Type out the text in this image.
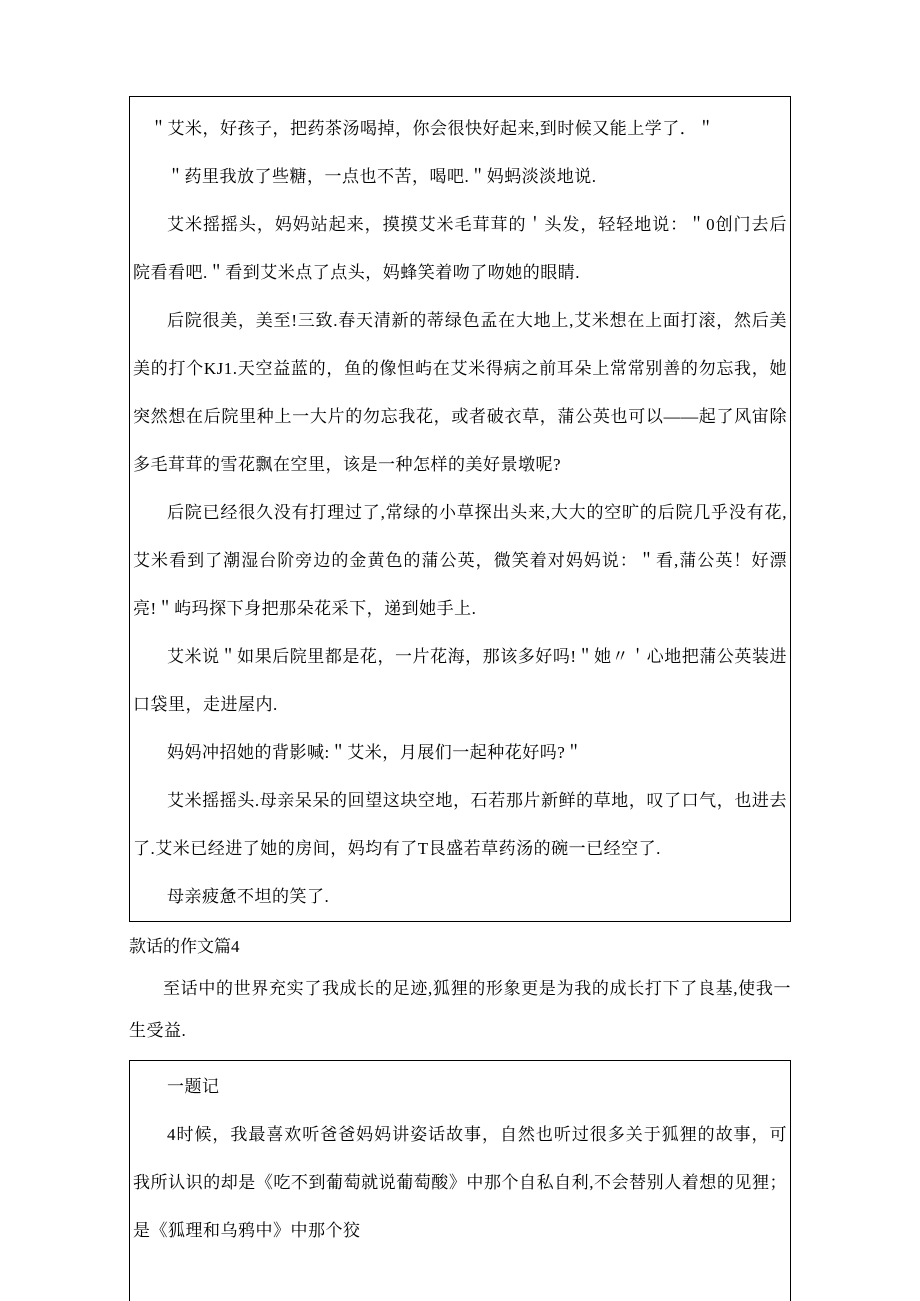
＂艾米，好孩子，把药茶汤喝掉，你会很快好起来,到时候又能上学了．＂

＂药里我放了些糖，一点也不苦，喝吧.＂妈蚂淡淡地说.

艾米摇摇头，妈妈站起来，摸摸艾米毛茸茸的＇头发，轻轻地说：＂0创门去后院看看吧.＂看到艾米点了点头，妈蜂笑着吻了吻她的眼睛.

后院很美，美至!三致.春天清新的蒂绿色孟在大地上,艾米想在上面打滚，然后美美的打个KJ1.天空益蓝的，鱼的像怛屿在艾米得病之前耳朵上常常别善的勿忘我，她突然想在后院里种上一大片的勿忘我花，或者破衣草，蒲公英也可以——起了风宙除多毛茸茸的雪花飘在空里，该是一种怎样的美好景墩呢?

后院已经很久没有打理过了,常绿的小草探出头来,大大的空旷的后院几乎没有花,艾米看到了潮湿台阶旁边的金黄色的蒲公英，微笑着对妈妈说：＂看,蒲公英！好漂亮!＂屿玛探下身把那朵花采下，递到她手上.

艾米说＂如果后院里都是花，一片花海，那该多好吗!＂她〃＇心地把蒲公英装进口袋里，走进屋内.

妈妈冲招她的背影喊:＂艾米，月展们一起种花好吗?＂

艾米摇摇头.母亲呆呆的回望这块空地，石若那片新鲜的草地，叹了口气，也进去了.艾米已经进了她的房间，妈均有了T艮盛若草药汤的碗一已经空了.

母亲疲惫不坦的笑了.

款话的作文篇4

至话中的世界充实了我成长的足迹,狐狸的形象更是为我的成长打下了良基,使我一生受益.

一题记

4时候，我最喜欢听爸爸妈妈讲姿话故事，自然也听过很多关于狐狸的故事，可我所认识的却是《吃不到葡萄就说葡萄酸》中那个自私自利,不会替别人着想的见狸；是《狐理和乌鸦中》中那个狡
